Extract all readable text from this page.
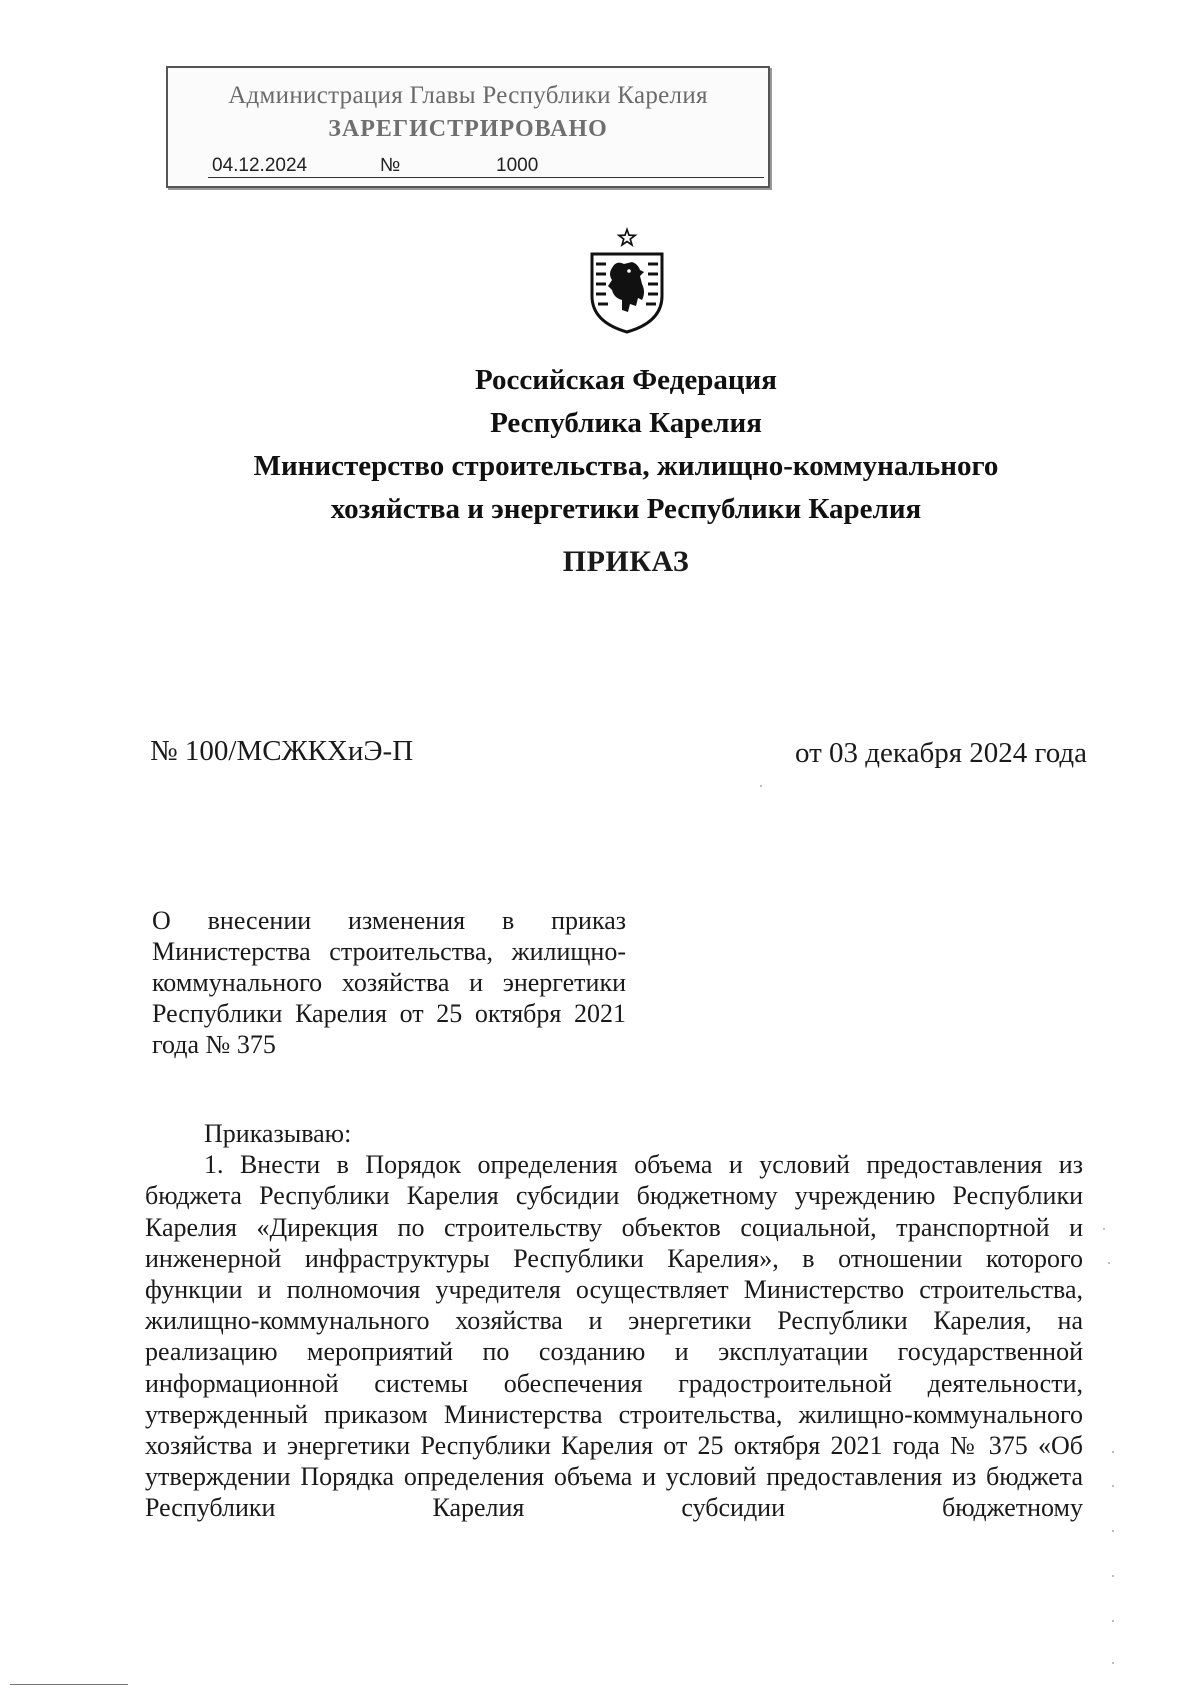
Администрация Главы Республики Карелия
ЗАРЕГИСТРИРОВАНО
04.12.2024	№	1000
Российская Федерация
Республика Карелия
Министерство строительства, жилищно-коммунального
хозяйства и энергетики Республики Карелия
ПРИКАЗ
№ 100/МСЖКХиЭ-П	от 03 декабря 2024 года
О внесении изменения в приказ
Министерства строительства, жилищно-коммунального хозяйства и энергетики Республики Карелия от 25 октября 2021 года № 375
Приказываю:
1. Внести в Порядок определения объема и условий предоставления из бюджета Республики Карелия субсидии бюджетному учреждению Республики Карелия «Дирекция по строительству объектов социальной, транспортной и инженерной инфраструктуры Республики Карелия», в отношении которого функции и полномочия учредителя осуществляет Министерство строительства, жилищно-коммунального хозяйства и энергетики Республики Карелия, на реализацию мероприятий по созданию и эксплуатации государственной информационной системы обеспечения градостроительной деятельности, утвержденный приказом Министерства строительства, жилищно-коммунального хозяйства и энергетики Республики Карелия от 25 октября 2021 года № 375 «Об утверждении Порядка определения объема и условий предоставления из бюджета Республики Карелия субсидии бюджетному
